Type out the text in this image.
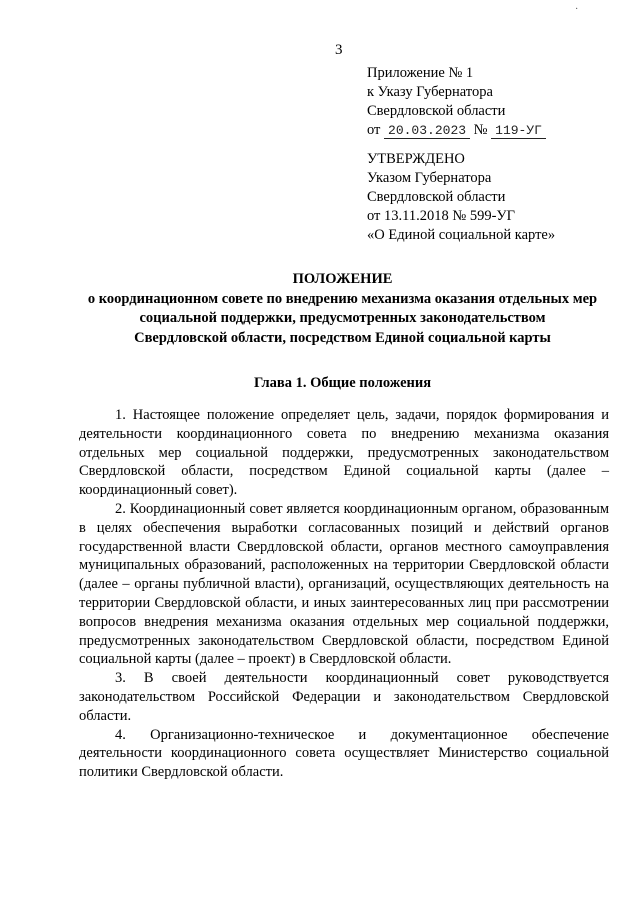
·
3
Приложение № 1
к Указу Губернатора
Свердловской области
от 20.03.2023 № 119-УГ
УТВЕРЖДЕНО
Указом Губернатора
Свердловской области
от 13.11.2018 № 599-УГ
«О Единой социальной карте»
ПОЛОЖЕНИЕ
о координационном совете по внедрению механизма оказания отдельных мер
социальной поддержки, предусмотренных законодательством
Свердловской области, посредством Единой социальной карты
Глава 1. Общие положения

1. Настоящее положение определяет цель, задачи, порядок формирования и деятельности координационного совета по внедрению механизма оказания отдельных мер социальной поддержки, предусмотренных законодательством Свердловской области, посредством Единой социальной карты (далее – координационный совет).

2. Координационный совет является координационным органом, образованным в целях обеспечения выработки согласованных позиций и действий органов государственной власти Свердловской области, органов местного самоуправления муниципальных образований, расположенных на территории Свердловской области (далее – органы публичной власти), организаций, осуществляющих деятельность на территории Свердловской области, и иных заинтересованных лиц при рассмотрении вопросов внедрения механизма оказания отдельных мер социальной поддержки, предусмотренных законодательством Свердловской области, посредством Единой социальной карты (далее – проект) в Свердловской области.

3. В своей деятельности координационный совет руководствуется законодательством Российской Федерации и законодательством Свердловской области.

4. Организационно-техническое и документационное обеспечение деятельности координационного совета осуществляет Министерство социальной политики Свердловской области.
